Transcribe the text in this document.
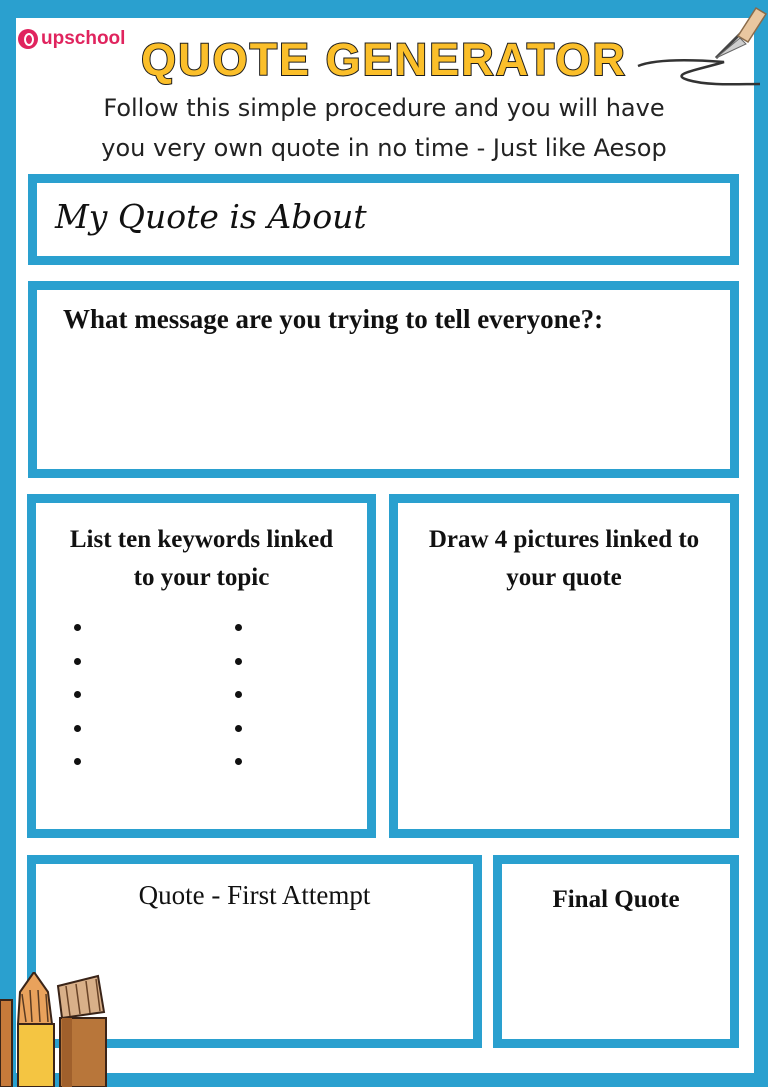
upschool QUOTE GENERATOR
Follow this simple procedure and you will have
you very own quote in no time - Just like Aesop
My Quote is About
What message are you trying to tell everyone?:
List ten keywords linked
to your topic
Draw 4 pictures linked to
your quote
Quote - First Attempt	Final Quote
